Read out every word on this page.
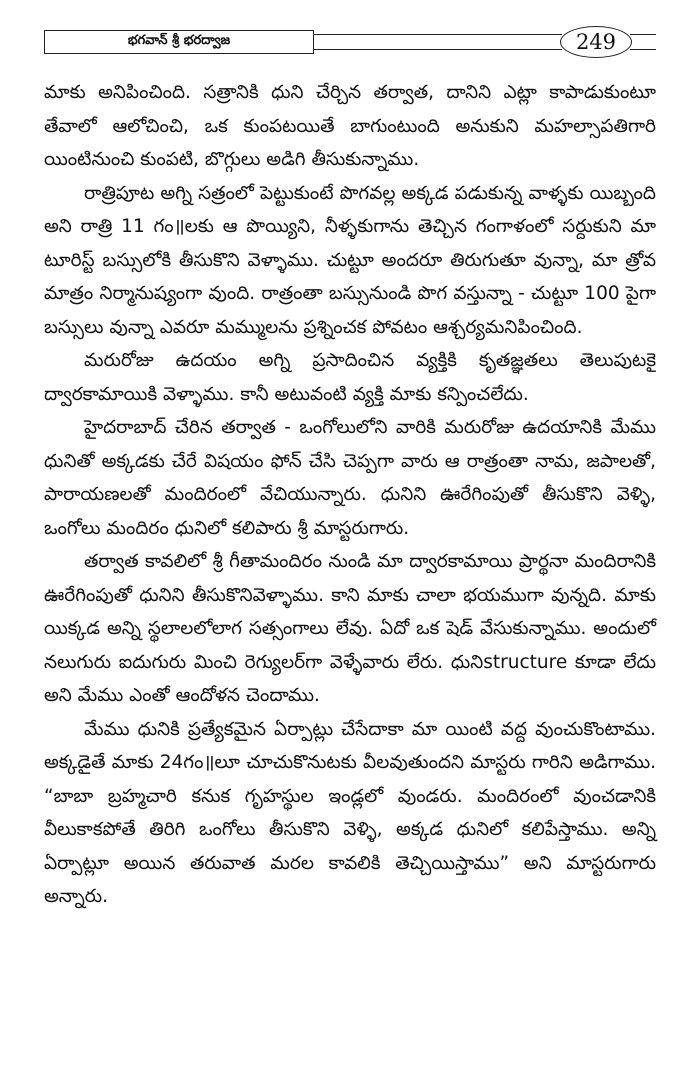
భగవాన్ శ్రీ భరద్వాజ	249

మాకు అనిపించింది. సత్రానికి ధుని చేర్చిన తర్వాత, దానిని ఎట్లా కాపాడుకుంటూ తేవాలో ఆలోచించి, ఒక కుంపటయితే బాగుంటుంది అనుకుని మహల్సాపతిగారి యింటినుంచి కుంపటి, బొగ్గులు అడిగి తీసుకున్నాము.

రాత్రిపూట అగ్ని సత్రంలో పెట్టుకుంటే పొగవల్ల అక్కడ పడుకున్న వాళ్ళకు యిబ్బంది అని రాత్రి 11 గం॥లకు ఆ పొయ్యిని, నీళ్ళకుగాను తెచ్చిన గంగాళంలో సర్దుకుని మా టూరిస్ట్ బస్సులోకి తీసుకొని వెళ్ళాము. చుట్టూ అందరూ తిరుగుతూ వున్నా, మా త్రోవ మాత్రం నిర్మానుష్యంగా వుంది. రాత్రంతా బస్సునుండి పొగ వస్తున్నా - చుట్టూ 100 పైగా బస్సులు వున్నా ఎవరూ మమ్ములను ప్రశ్నించక పోవటం ఆశ్చర్యమనిపించింది.

మరురోజు ఉదయం అగ్ని ప్రసాదించిన వ్యక్తికి కృతజ్ఞతలు తెలుపుటకై ద్వారకామాయికి వెళ్ళాము. కానీ అటువంటి వ్యక్తి మాకు కన్పించలేదు.

హైదరాబాద్ చేరిన తర్వాత - ఒంగోలులోని వారికి మరురోజు ఉదయానికి మేము ధునితో అక్కడకు చేరే విషయం ఫోన్ చేసి చెప్పగా వారు ఆ రాత్రంతా నామ, జపాలతో, పారాయణలతో మందిరంలో వేచియున్నారు. ధునిని ఊరేగింపుతో తీసుకొని వెళ్ళి, ఒంగోలు మందిరం ధునిలో కలిపారు శ్రీ మాస్టరుగారు.

తర్వాత కావలిలో శ్రీ గీతామందిరం నుండి మా ద్వారకామాయి ప్రార్థనా మందిరానికి ఊరేగింపుతో ధునిని తీసుకొనివెళ్ళాము. కాని మాకు చాలా భయముగా వున్నది. మాకు యిక్కడ అన్ని స్థలాలలోలాగ సత్సంగాలు లేవు. ఏదో ఒక షెడ్ వేసుకున్నాము. అందులో నలుగురు ఐదుగురు మించి రెగ్యులర్‌గా వెళ్ళేవారు లేరు. ధునిstructure కూడా లేదు అని మేము ఎంతో ఆందోళన చెందాము.

మేము ధునికి ప్రత్యేకమైన ఏర్పాట్లు చేసేదాకా మా యింటి వద్ద వుంచుకొంటాము. అక్కడైతే మాకు 24గం॥లూ చూచుకొనుటకు వీలవుతుందని మాస్టరు గారిని అడిగాము. “బాబా బ్రహ్మచారి కనుక గృహస్థుల ఇండ్లలో వుండరు. మందిరంలో వుంచడానికి వీలుకాకపోతే తిరిగి ఒంగోలు తీసుకొని వెళ్ళి, అక్కడ ధునిలో కలిపేస్తాము. అన్ని ఏర్పాట్లూ అయిన తరువాత మరల కావలికి తెచ్చియిస్తాము” అని మాస్టరుగారు అన్నారు.
